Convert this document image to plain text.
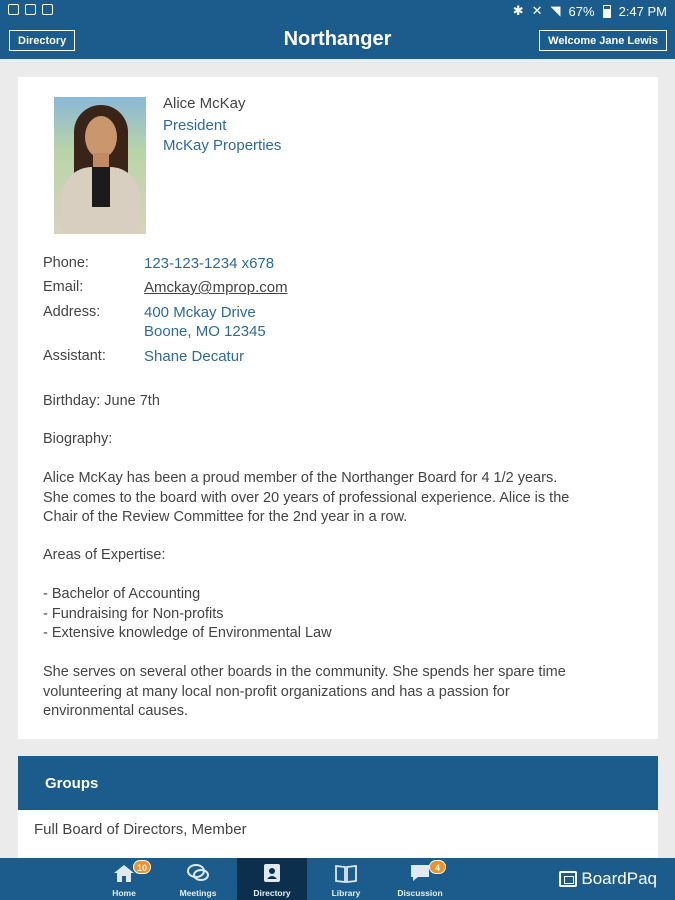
✱ ✕ ◥ 67% 2:47 PM
Directory	Northanger	Welcome Jane Lewis
Alice McKay
President
McKay Properties
Phone:	123-123-1234 x678
Email:	Amckay@mprop.com
Address:	400 Mckay Drive
Boone, MO 12345
Assistant:	Shane Decatur
Birthday: June 7th
Biography:
Alice McKay has been a proud member of the Northanger Board for 4 1/2 years.
She comes to the board with over 20 years of professional experience. Alice is the
Chair of the Review Committee for the 2nd year in a row.
Areas of Expertise:
- Bachelor of Accounting
- Fundraising for Non-profits
- Extensive knowledge of Environmental Law
She serves on several other boards in the community. She spends her spare time
volunteering at many local non-profit organizations and has a passion for
environmental causes.
Groups
Full Board of Directors, Member
10
Home	Meetings	Directory	Library
4
Discussion
BoardPaq
